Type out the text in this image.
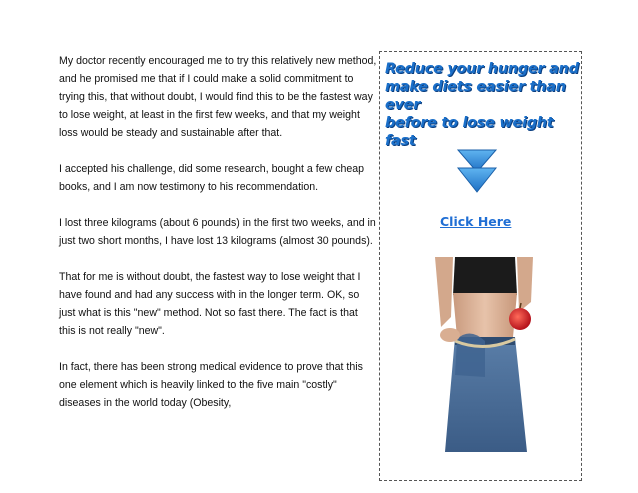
My doctor recently encouraged me to try this relatively new method, and he promised me that if I could make a solid commitment to trying this, that without doubt, I would find this to be the fastest way to lose weight, at least in the first few weeks, and that my weight loss would be steady and sustainable after that.

I accepted his challenge, did some research, bought a few cheap books, and I am now testimony to his recommendation.

I lost three kilograms (about 6 pounds) in the first two weeks, and in just two short months, I have lost 13 kilograms (almost 30 pounds).

That for me is without doubt, the fastest way to lose weight that I have found and had any success with in the longer term. OK, so just what is this "new" method. Not so fast there. The fact is that this is not really "new".

In fact, there has been strong medical evidence to prove that this one element which is heavily linked to the five main "costly" diseases in the world today (Obesity,

Reduce your hunger and
make diets easier than ever
before to lose weight fast
Click Here
